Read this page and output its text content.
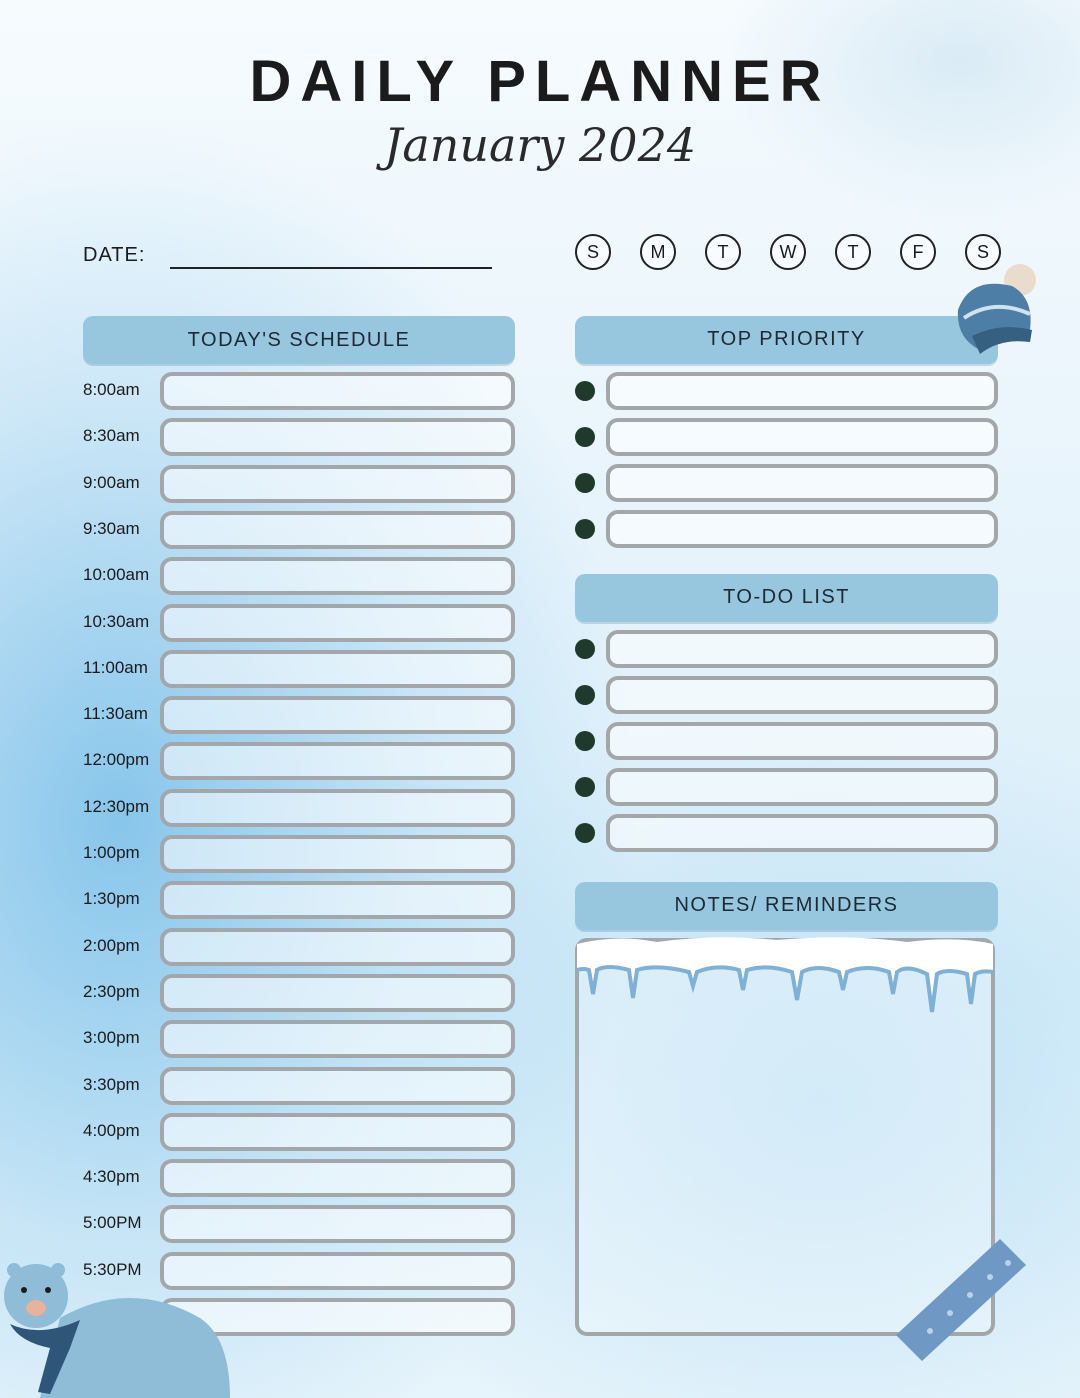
DAILY PLANNER
January 2024
DATE:	S	M	T	W	T	F	S
TODAY'S SCHEDULE
8:00am
8:30am
9:00am
9:30am
10:00am
10:30am
11:00am
11:30am
12:00pm
12:30pm
1:00pm
1:30pm
2:00pm
2:30pm
3:00pm
3:30pm
4:00pm
4:30pm
5:00PM
5:30PM
TOP PRIORITY
TO-DO LIST
NOTES/ REMINDERS
